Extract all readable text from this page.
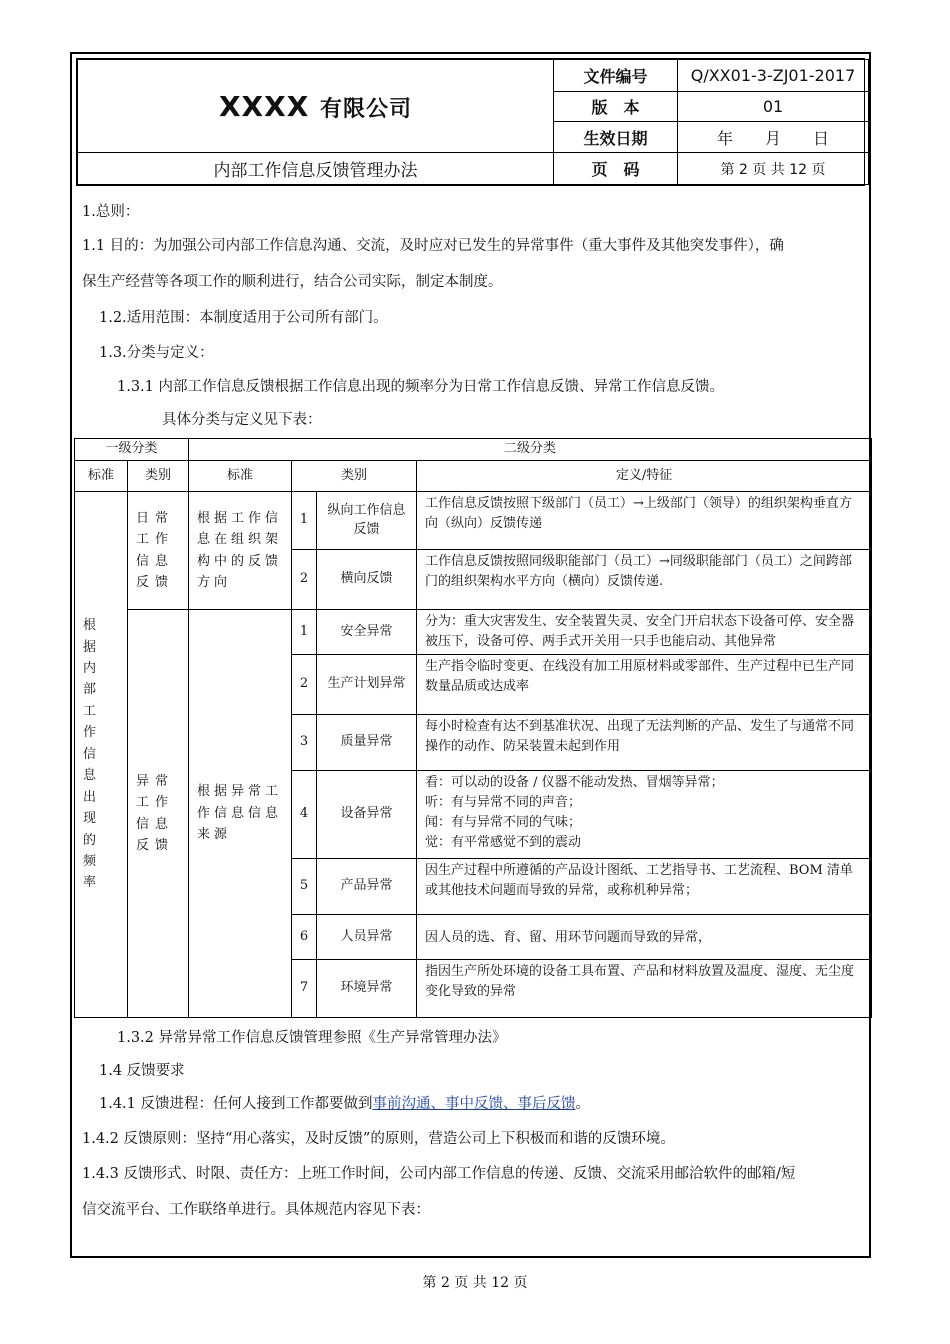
XXXX 有限公司	文件编号	Q/XX01-3-ZJ01-2017
	版　本	01
	生效日期	年　　月　　日
内部工作信息反馈管理办法	页　码	第 2 页 共 12 页
1.总则：
1.1 目的：为加强公司内部工作信息沟通、交流，及时应对已发生的异常事件（重大事件及其他突发事件），确
保生产经营等各项工作的顺利进行，结合公司实际，制定本制度。
1.2.适用范围：本制度适用于公司所有部门。
1.3.分类与定义：
1.3.1 内部工作信息反馈根据工作信息出现的频率分为日常工作信息反馈、异常工作信息反馈。
具体分类与定义见下表：
一级分类		二级分类			
标准	类别	标准	类别		定义/特征
根据内部工作信息出现的频率	日常工作信息反馈	根据工作信息在组织架构中的反馈方向	1	纵向工作信息反馈	工作信息反馈按照下级部门（员工）→上级部门（领导）的组织架构垂直方向（纵向）反馈传递
			2	横向反馈	工作信息反馈按照同级职能部门（员工）→同级职能部门（员工）之间跨部门的组织架构水平方向（横向）反馈传递.
	异常工作信息反馈	根据异常工作信息信息来源	1	安全异常	分为：重大灾害发生、安全装置失灵、安全门开启状态下设备可停、安全器被压下，设备可停、两手式开关用一只手也能启动、其他异常

			2	生产计划异常	生产指令临时变更、在线没有加工用原材料或零部件、生产过程中已生产同数量品质或达成率

			3	质量异常	每小时检查有达不到基准状况、出现了无法判断的产品、发生了与通常不同操作的动作、防呆装置未起到作用

			4	设备异常	看：可以动的设备 / 仪器不能动发热、冒烟等异常；
听：有与异常不同的声音；
闻：有与异常不同的气味；
觉：有平常感觉不到的震动

			5	产品异常	因生产过程中所遵循的产品设计图纸、工艺指导书、工艺流程、BOM 清单或其他技术问题而导致的异常，或称机种异常；

			6	人员异常	因人员的选、育、留、用环节问题而导致的异常，

			7	环境异常	指因生产所处环境的设备工具布置、产品和材料放置及温度、湿度、无尘度变化导致的异常
1.3.2 异常异常工作信息反馈管理参照《生产异常管理办法》
1.4 反馈要求
1.4.1 反馈进程：任何人接到工作都要做到事前沟通、事中反馈、事后反馈。
1.4.2 反馈原则：坚持“用心落实，及时反馈”的原则，营造公司上下积极而和谐的反馈环境。
1.4.3 反馈形式、时限、责任方：上班工作时间，公司内部工作信息的传递、反馈、交流采用邮洽软件的邮箱/短
信交流平台、工作联络单进行。具体规范内容见下表：
第 2 页 共 12 页
